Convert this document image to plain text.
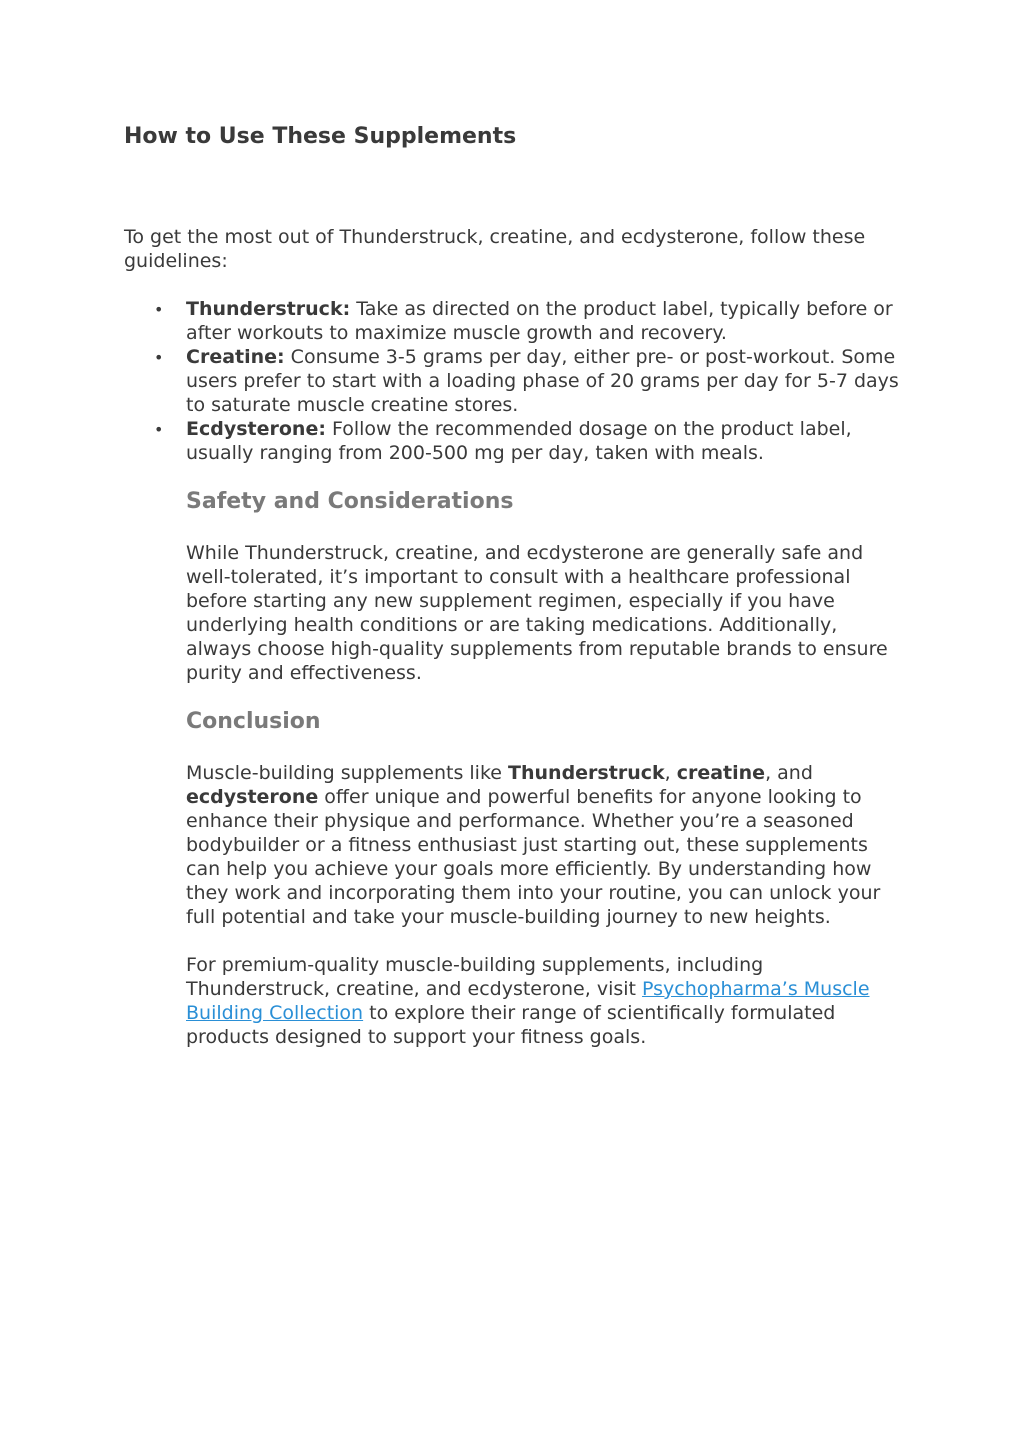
How to Use These Supplements

To get the most out of Thunderstruck, creatine, and ecdysterone, follow these guidelines:

•	Thunderstruck: Take as directed on the product label, typically before or after workouts to maximize muscle growth and recovery.
•	Creatine: Consume 3-5 grams per day, either pre- or post-workout. Some users prefer to start with a loading phase of 20 grams per day for 5-7 days to saturate muscle creatine stores.
•	Ecdysterone: Follow the recommended dosage on the product label, usually ranging from 200-500 mg per day, taken with meals.
Safety and Considerations

While Thunderstruck, creatine, and ecdysterone are generally safe and well-tolerated, it’s important to consult with a healthcare professional before starting any new supplement regimen, especially if you have underlying health conditions or are taking medications. Additionally, always choose high-quality supplements from reputable brands to ensure purity and effectiveness.

Conclusion

Muscle-building supplements like Thunderstruck, creatine, and ecdysterone offer unique and powerful benefits for anyone looking to enhance their physique and performance. Whether you’re a seasoned bodybuilder or a fitness enthusiast just starting out, these supplements can help you achieve your goals more efficiently. By understanding how they work and incorporating them into your routine, you can unlock your full potential and take your muscle-building journey to new heights.

For premium-quality muscle-building supplements, including Thunderstruck, creatine, and ecdysterone, visit Psychopharma’s Muscle Building Collection to explore their range of scientifically formulated products designed to support your fitness goals.
